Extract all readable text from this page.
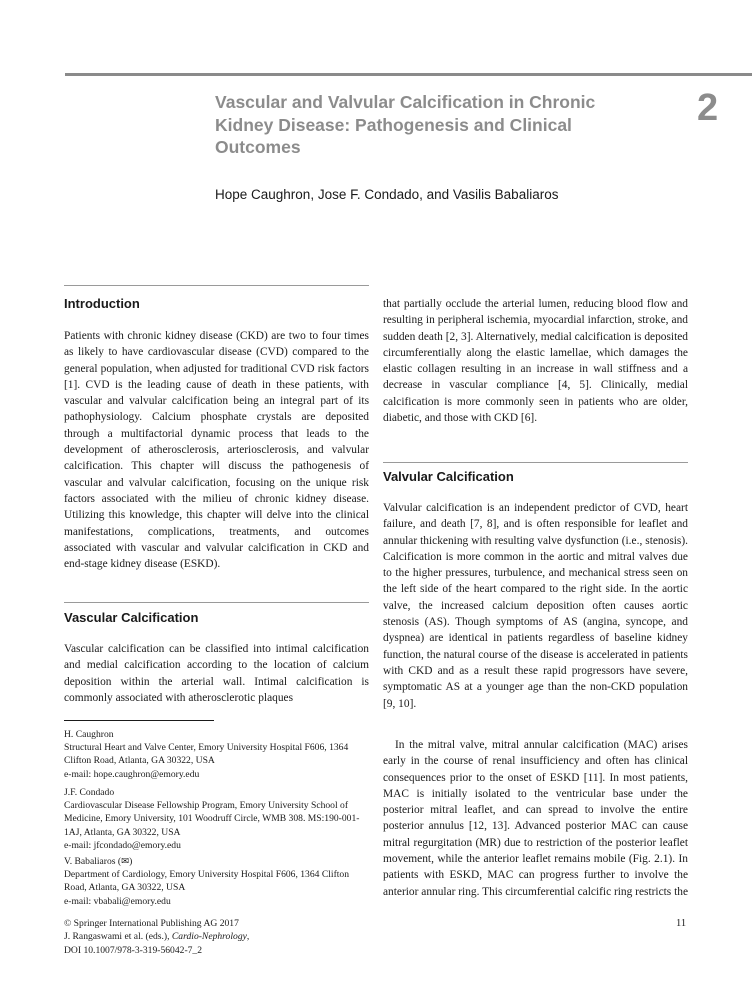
Vascular and Valvular Calcification in Chronic Kidney Disease: Pathogenesis and Clinical Outcomes
2
Hope Caughron, Jose F. Condado, and Vasilis Babaliaros
Introduction
Patients with chronic kidney disease (CKD) are two to four times as likely to have cardiovascular disease (CVD) compared to the general population, when adjusted for traditional CVD risk factors [1]. CVD is the leading cause of death in these patients, with vascular and valvular calcification being an integral part of its pathophysiology. Calcium phosphate crystals are deposited through a multifactorial dynamic process that leads to the development of atherosclerosis, arteriosclerosis, and valvular calcification. This chapter will discuss the pathogenesis of vascular and valvular calcification, focusing on the unique risk factors associated with the milieu of chronic kidney disease. Utilizing this knowledge, this chapter will delve into the clinical manifestations, complications, treatments, and outcomes associated with vascular and valvular calcification in CKD and end-stage kidney disease (ESKD).
Vascular Calcification
Vascular calcification can be classified into intimal calcification and medial calcification according to the location of calcium deposition within the arterial wall. Intimal calcification is commonly associated with atherosclerotic plaques
H. Caughron
Structural Heart and Valve Center, Emory University Hospital F606, 1364 Clifton Road, Atlanta, GA 30322, USA
e-mail: hope.caughron@emory.edu
J.F. Condado
Cardiovascular Disease Fellowship Program, Emory University School of Medicine, Emory University, 101 Woodruff Circle, WMB 308. MS:190-001-1AJ, Atlanta, GA 30322, USA
e-mail: jfcondado@emory.edu
V. Babaliaros (✉)
Department of Cardiology, Emory University Hospital F606, 1364 Clifton Road, Atlanta, GA 30322, USA
e-mail: vbabali@emory.edu
© Springer International Publishing AG 2017
J. Rangaswami et al. (eds.), Cardio-Nephrology,
DOI 10.1007/978-3-319-56042-7_2
that partially occlude the arterial lumen, reducing blood flow and resulting in peripheral ischemia, myocardial infarction, stroke, and sudden death [2, 3]. Alternatively, medial calcification is deposited circumferentially along the elastic lamellae, which damages the elastic collagen resulting in an increase in wall stiffness and a decrease in vascular compliance [4, 5]. Clinically, medial calcification is more commonly seen in patients who are older, diabetic, and those with CKD [6].
Valvular Calcification
Valvular calcification is an independent predictor of CVD, heart failure, and death [7, 8], and is often responsible for leaflet and annular thickening with resulting valve dysfunction (i.e., stenosis). Calcification is more common in the aortic and mitral valves due to the higher pressures, turbulence, and mechanical stress seen on the left side of the heart compared to the right side. In the aortic valve, the increased calcium deposition often causes aortic stenosis (AS). Though symptoms of AS (angina, syncope, and dyspnea) are identical in patients regardless of baseline kidney function, the natural course of the disease is accelerated in patients with CKD and as a result these rapid progressors have severe, symptomatic AS at a younger age than the non-CKD population [9, 10].
In the mitral valve, mitral annular calcification (MAC) arises early in the course of renal insufficiency and often has clinical consequences prior to the onset of ESKD [11]. In most patients, MAC is initially isolated to the ventricular base under the posterior mitral leaflet, and can spread to involve the entire posterior annulus [12, 13]. Advanced posterior MAC can cause mitral regurgitation (MR) due to restriction of the posterior leaflet movement, while the anterior leaflet remains mobile (Fig. 2.1). In patients with ESKD, MAC can progress further to involve the anterior annular ring. This circumferential calcific ring restricts the
11
